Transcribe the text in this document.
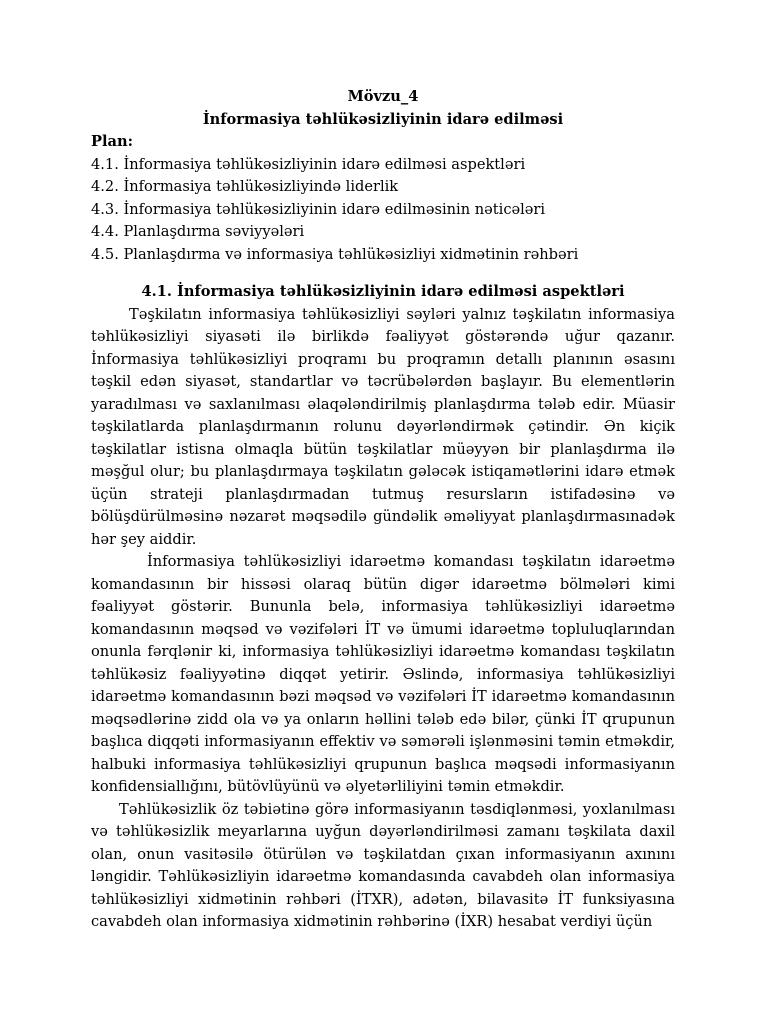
Mövzu_4
İnformasiya təhlükəsizliyinin idarə edilməsi
Plan:
4.1. İnformasiya təhlükəsizliyinin idarə edilməsi aspektləri
4.2. İnformasiya təhlükəsizliyində liderlik
4.3. İnformasiya təhlükəsizliyinin idarə edilməsinin nəticələri
4.4. Planlaşdırma səviyyələri
4.5. Planlaşdırma və informasiya təhlükəsizliyi xidmətinin rəhbəri
4.1. İnformasiya təhlükəsizliyinin idarə edilməsi aspektləri

Təşkilatın informasiya təhlükəsizliyi səyləri yalnız təşkilatın informasiya təhlükəsizliyi siyasəti ilə birlikdə fəaliyyət göstərəndə uğur qazanır. İnformasiya təhlükəsizliyi proqramı bu proqramın detallı planının əsasını təşkil edən siyasət, standartlar və təcrübələrdən başlayır. Bu elementlərin yaradılması və saxlanılması əlaqələndirilmiş planlaşdırma tələb edir. Müasir təşkilatlarda planlaşdırmanın rolunu dəyərləndirmək çətindir. Ən kiçik təşkilatlar istisna olmaqla bütün təşkilatlar müəyyən bir planlaşdırma ilə məşğul olur; bu planlaşdırmaya təşkilatın gələcək istiqamətlərini idarə etmək üçün strateji planlaşdırmadan tutmuş resursların istifadəsinə və bölüşdürülməsinə nəzarət məqsədilə gündəlik əməliyyat planlaşdırmasınadək hər şey aiddir.

İnformasiya təhlükəsizliyi idarəetmə komandası təşkilatın idarəetmə komandasının bir hissəsi olaraq bütün digər idarəetmə bölmələri kimi fəaliyyət göstərir. Bununla belə, informasiya təhlükəsizliyi idarəetmə komandasının məqsəd və vəzifələri İT və ümumi idarəetmə topluluqlarından onunla fərqlənir ki, informasiya təhlükəsizliyi idarəetmə komandası təşkilatın təhlükəsiz fəaliyyətinə diqqət yetirir. Əslində, informasiya təhlükəsizliyi idarəetmə komandasının bəzi məqsəd və vəzifələri İT idarəetmə komandasının məqsədlərinə zidd ola və ya onların həllini tələb edə bilər, çünki İT qrupunun başlıca diqqəti informasiyanın effektiv və səmərəli işlənməsini təmin etməkdir, halbuki informasiya təhlükəsizliyi qrupunun başlıca məqsədi informasiyanın konfidensiallığını, bütövlüyünü və əlyetərliliyini təmin etməkdir.

Təhlükəsizlik öz təbiətinə görə informasiyanın təsdiqlənməsi, yoxlanılması və təhlükəsizlik meyarlarına uyğun dəyərləndirilməsi zamanı təşkilata daxil olan, onun vasitəsilə ötürülən və təşkilatdan çıxan informasiyanın axınını ləngidir. Təhlükəsizliyin idarəetmə komandasında cavabdeh olan informasiya təhlükəsizliyi xidmətinin rəhbəri (İTXR), adətən, bilavasitə İT funksiyasına cavabdeh olan informasiya xidmətinin rəhbərinə (İXR) hesabat verdiyi üçün
